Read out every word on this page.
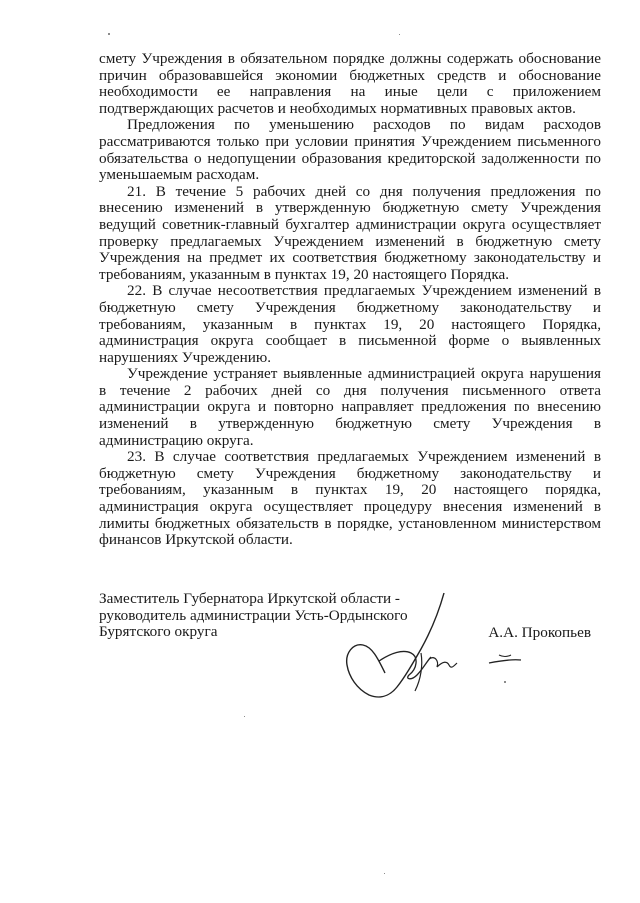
смету Учреждения в обязательном порядке должны содержать обоснование причин образовавшейся экономии бюджетных средств и обоснование необходимости ее направления на иные цели с приложением подтверждающих расчетов и необходимых нормативных правовых актов.

Предложения по уменьшению расходов по видам расходов рассматриваются только при условии принятия Учреждением письменного обязательства о недопущении образования кредиторской задолженности по уменьшаемым расходам.

21. В течение 5 рабочих дней со дня получения предложения по внесению изменений в утвержденную бюджетную смету Учреждения ведущий советник-главный бухгалтер администрации округа осуществляет проверку предлагаемых Учреждением изменений в бюджетную смету Учреждения на предмет их соответствия бюджетному законодательству и требованиям, указанным в пунктах 19, 20 настоящего Порядка.

22. В случае несоответствия предлагаемых Учреждением изменений в бюджетную смету Учреждения бюджетному законодательству и требованиям, указанным в пунктах 19, 20 настоящего Порядка, администрация округа сообщает в письменной форме о выявленных нарушениях Учреждению.

Учреждение устраняет выявленные администрацией округа нарушения в течение 2 рабочих дней со дня получения письменного ответа администрации округа и повторно направляет предложения по внесению изменений в утвержденную бюджетную смету Учреждения в администрацию округа.

23. В случае соответствия предлагаемых Учреждением изменений в бюджетную смету Учреждения бюджетному законодательству и требованиям, указанным в пунктах 19, 20 настоящего порядка, администрация округа осуществляет процедуру внесения изменений в лимиты бюджетных обязательств в порядке, установленном министерством финансов Иркутской области.

Заместитель Губернатора Иркутской области -
руководитель администрации Усть-Ордынского
Бурятского округа	А.А. Прокопьев
